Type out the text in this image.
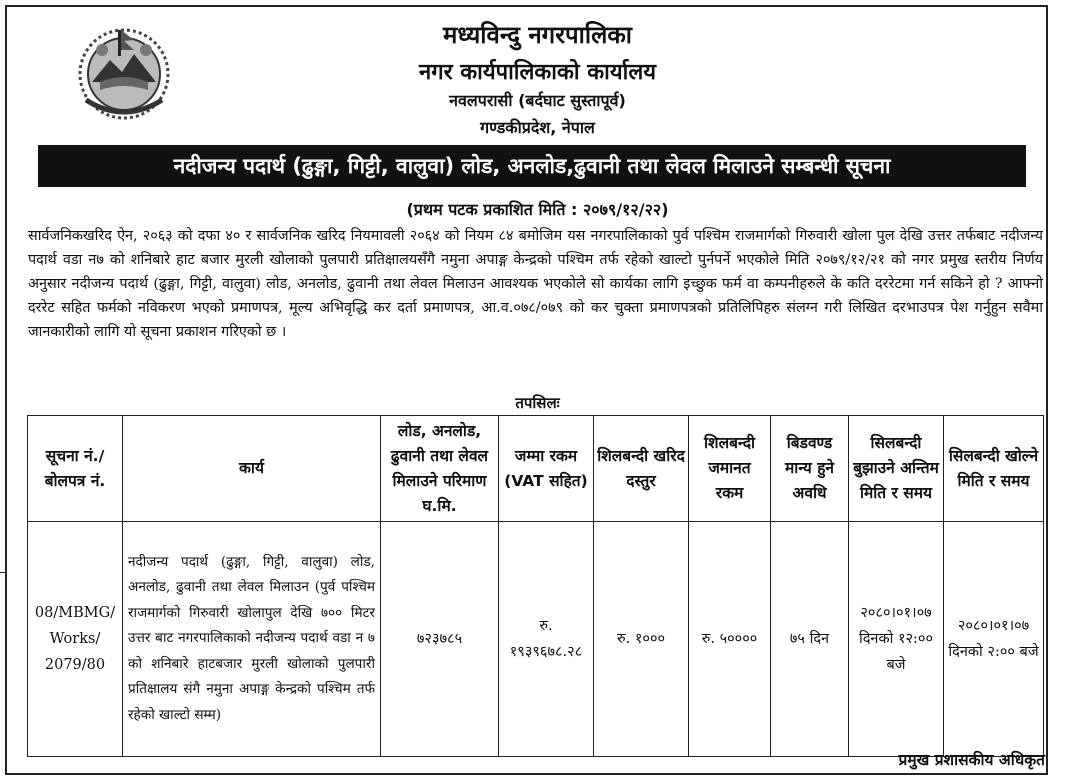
मध्यविन्दु नगरपालिका
नगर कार्यपालिकाको कार्यालय
नवलपरासी (बर्दघाट सुस्तापूर्व)
गण्डकीप्रदेश, नेपाल
नदीजन्य पदार्थ (ढुङ्गा, गिट्टी, वालुवा) लोड, अनलोड,ढुवानी तथा लेवल मिलाउने सम्बन्धी सूचना
(प्रथम पटक प्रकाशित मिति : २०७९/१२/२२)
सार्वजनिकखरिद ऐन, २०६३ को दफा ४० र सार्वजनिक खरिद नियमावली २०६४ को नियम ८४ बमोजिम यस नगरपालिकाको पुर्व पश्चिम राजमार्गको गिरुवारी खोला पुल देखि उत्तर तर्फबाट नदीजन्य पदार्थ वडा न७ को शनिबारे हाट बजार मुरली खोलाको पुलपारी प्रतिक्षालयसँगै नमुना अपाङ्ग केन्द्रको पश्चिम तर्फ रहेको खाल्टो पुर्नपर्ने भएकोले मिति २०७९/१२/२१ को नगर प्रमुख स्तरीय निर्णय अनुसार नदीजन्य पदार्थ (ढुङ्गा, गिट्टी, वालुवा) लोड, अनलोड, ढुवानी तथा लेवल मिलाउन आवश्यक भएकोले सो कार्यका लागि इच्छुक फर्म वा कम्पनीहरुले के कति दररेटमा गर्न सकिने हो ? आफ्नो दररेट सहित फर्मको नविकरण भएको प्रमाणपत्र, मूल्य अभिवृद्धि कर दर्ता प्रमाणपत्र, आ.व.०७८/०७९ को कर चुक्ता प्रमाणपत्रको प्रतिलिपिहरु संलग्न गरी लिखित दरभाउपत्र पेश गर्नुहुन सवैमा जानकारीको लागि यो सूचना प्रकाशन गरिएको छ ।
तपसिलः
सूचना नं./ बोलपत्र नं.	कार्य	लोड, अनलोड, ढुवानी तथा लेवल मिलाउने परिमाण घ.मि.	जम्मा रकम (VAT सहित)	शिलबन्दी खरिद दस्तुर	शिलबन्दी जमानत रकम	बिडवण्ड मान्य हुने अवधि	सिलबन्दी बुझाउने अन्तिम मिति र समय	सिलबन्दी खोल्ने मिति र समय
08/MBMG/ Works/ 2079/80	नदीजन्य पदार्थ (ढुङ्गा, गिट्टी, वालुवा) लोड, अनलोड, ढुवानी तथा लेवल मिलाउन (पुर्व पश्चिम राजमार्गको गिरुवारी खोलापुल देखि ७०० मिटर उत्तर बाट नगरपालिकाको नदीजन्य पदार्थ वडा न ७ को शनिबारे हाटबजार मुरली खोलाको पुलपारी प्रतिक्षालय संगै नमुना अपाङ्ग केन्द्रको पश्चिम तर्फ रहेको खाल्टो सम्म)	७२३७८५	रु. १९३९६७८.२८	रु. १०००	रु. ५००००	७५ दिन	२०८०।०१।०७ दिनको १२:०० बजे	२०८०।०१।०७ दिनको २:०० बजे
प्रमुख प्रशासकीय अधिकृत
